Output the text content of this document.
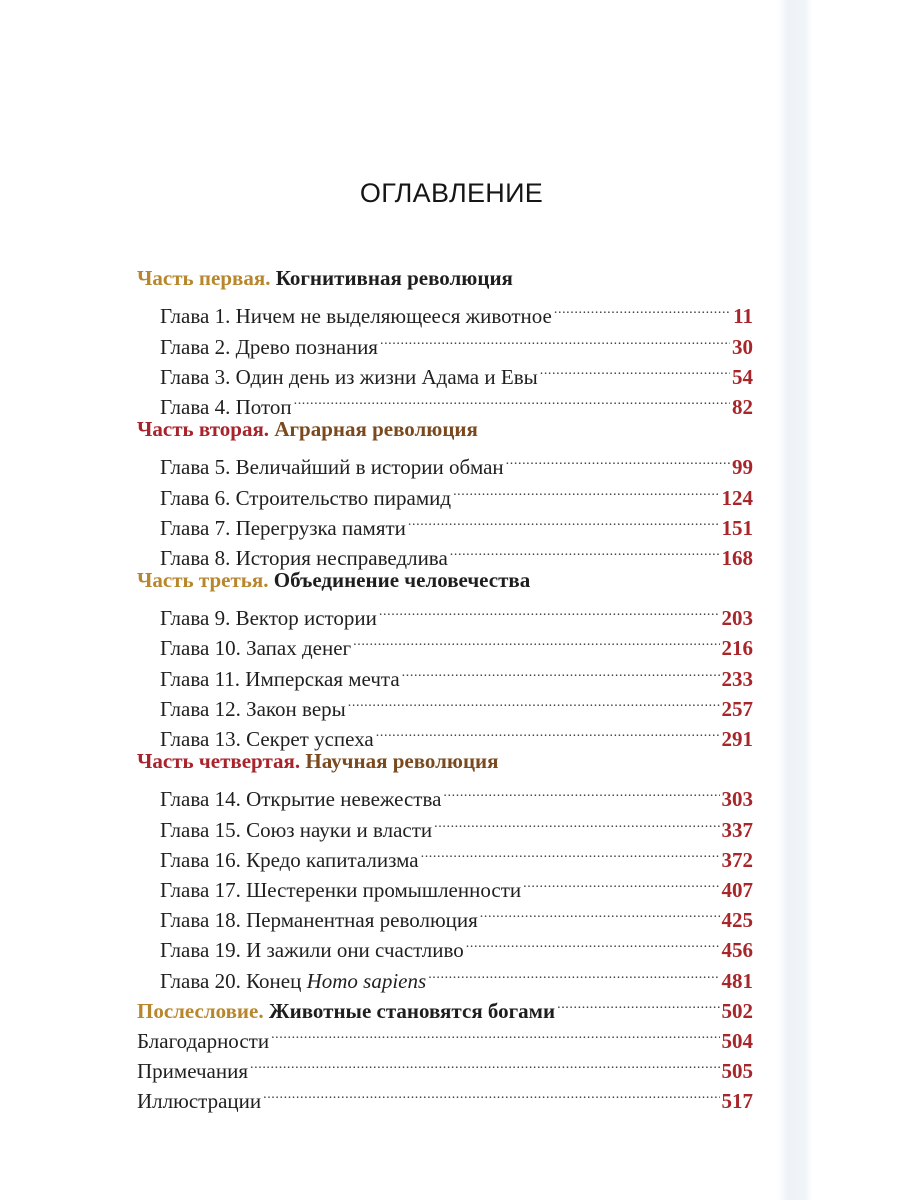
ОГЛАВЛЕНИЕ
Часть первая.
Когнитивная революция
Глава 1. Ничем не выделяющееся животное .....	11
Глава 2. Древо познания .....	30
Глава 3. Один день из жизни Адама и Евы .....	54
Глава 4. Потоп .....	82
Часть вторая.
Аграрная революция
Глава 5. Величайший в истории обман .....	99
Глава 6. Строительство пирамид .....	124
Глава 7. Перегрузка памяти .....	151
Глава 8. История несправедлива .....	168
Часть третья.
Объединение человечества
Глава 9. Вектор истории .....	203
Глава 10. Запах денег .....	216
Глава 11. Имперская мечта .....	233
Глава 12. Закон веры .....	257
Глава 13. Секрет успеха .....	291
Часть четвертая.
Научная революция
Глава 14. Открытие невежества .....	303
Глава 15. Союз науки и власти .....	337
Глава 16. Кредо капитализма .....	372
Глава 17. Шестеренки промышленности .....	407
Глава 18. Перманентная революция .....	425
Глава 19. И зажили они счастливо .....	456
Глава 20. Конец Homo sapiens .....	481
Послесловие. Животные становятся богами .....	502
Благодарности .....	504
Примечания .....	505
Иллюстрации .....	517
